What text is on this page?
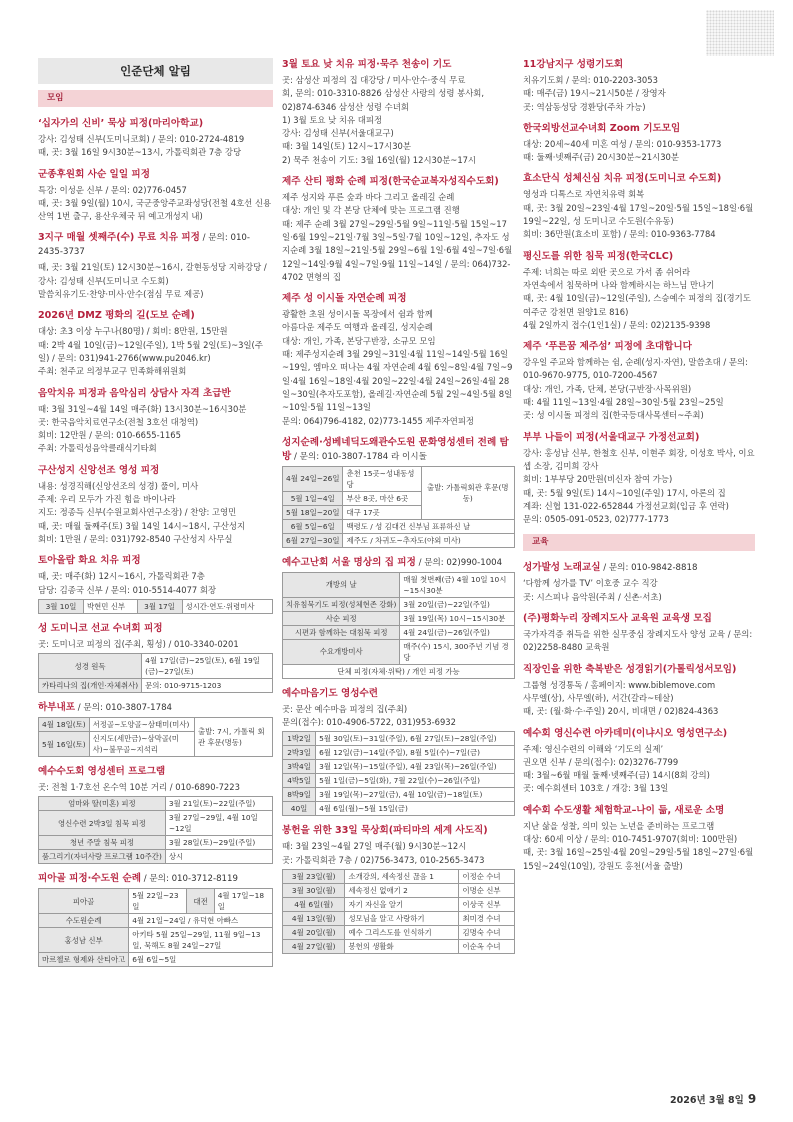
인준단체 알림
모임
‘십자가의 신비’ 묵상 피정(마리아학교)
강사: 김성태 신부(도미니코회) / 문의: 010-2724-4819
때, 곳: 3월 16일 9시30분~13시, 가톨릭회관 7층 강당
군종후원회 사순 일일 피정
특강: 이성운 신부 / 문의: 02)776-0457
때, 곳: 3월 9일(월) 10시, 국군중앙주교좌성당(전철 4호선 신용산역 1번 출구, 용산우체국 뒤 예고개성지 내)
3지구 매월 셋째주(수) 무료 치유 피정 / 문의: 010-2435-3737
때, 곳: 3월 21일(토) 12시30분~16시, 갈현동성당 지하강당 / 강사: 김성태 신부(도미니코 수도회)
말씀치유기도·찬양·미사·안수(점심 무료 제공)
2026년 DMZ 평화의 길(도보 순례)
대상: 초3 이상 누구나(80명) / 회비: 8만원, 15만원
때: 2박 4월 10일(금)~12일(주일), 1박 5월 2일(토)~3일(주일) / 문의: 031)941-2766(www.pu2046.kr)
주최: 천주교 의정부교구 민족화해위원회
음악치유 피정과 음악심리 상담사 자격 초급반
때: 3월 31일~4월 14일 매주(화) 13시30분~16시30분
곳: 한국음악치료연구소(전철 3호선 대청역)
회비: 12만원 / 문의: 010-6655-1165
주최: 가톨릭성음악클래식기타회
구산성지 신앙선조 영성 피정
내용: 성경직해(신앙선조의 성경) 풀이, 미사
주제: 우리 모두가 가진 힘을 바이나라
지도: 정종득 신부(수원교회사연구소장) / 찬양: 고영민
때, 곳: 매월 둘째주(토) 3월 14일 14시~18시, 구산성지
회비: 1만원 / 문의: 031)792-8540 구산성지 사무실
토아올람 화요 치유 피정
때, 곳: 매주(화) 12시~16시, 가톨릭회관 7층
담당: 김종국 신부 / 문의: 010-5514-4077 회장
3월 10일	박현민 신부	3월 17일	성시간·연도·위령미사
성 도미니코 선교 수녀회 피정
곳: 도미니코 피정의 집(주최, 횡성) / 010-3340-0201
성경 원독	4월 17일(금)~25일(토), 6월 19일(금)~27일(토)
카타리나의 집(개인·자체취사)	문의: 010-9715-1203
하부내포 / 문의: 010-3807-1784
4월 18일(토)	서정골~도양골~삼태미(미사)	출발: 7시, 가톨릭 회관 후문(명동)
5월 16일(토)	신지도(세만금)~삼막골(미사)~불무골~지석리	
예수수도회 영성센터 프로그램
곳: 전철 1·7호선 온수역 10분 거리 / 010-6890-7223
엄마와 딸(미혼) 피정	3월 21일(토)~22일(주일)
영신수련 2박3일 침묵 피정	3월 27일~29일, 4월 10일~12일
청년 주말 침묵 피정	3월 28일(토)~29일(주일)
품그리기(자녀사랑 프로그램 10주간)	상시
피아골 피정·수도원 순례 / 문의: 010-3712-8119
피아골	5월 22일~23일	대전	4월 17일~18일
수도원순례	4월 21일~24일 / 유덕현 아빠스		
홍성남 신부	아키타 5월 25일~29일, 11월 9일~13일, 묵해도 8월 24일~27일		
마르첼로 형제와 산티아고	6월 6일~5일		
3월 토요 낮 치유 피정·묵주 천송이 기도
곳: 삼성산 피정의 집 대강당 / 미사·안수·중식 무료
회, 문의: 010-3310-8826 삼성산 사랑의 성령 봉사회, 02)874-6346 삼성산 성령 수녀회
1) 3월 토요 낮 치유 대피정
강사: 김성태 신부(서울대교구)
때: 3월 14일(토) 12시~17시30분
2) 묵주 천송이 기도: 3월 16일(월) 12시30분~17시
제주 산티 평화 순례 피정(한국순교복자성직수도회)
제주 성지와 푸른 숲과 바다 그리고 올레길 순례
대상: 개인 및 각 본당 단체에 맞는 프로그램 진행
때: 제주 순례 3월 27일~29일·5월 9일~11일·5월 15일~17일·6월 19일~21일·7월 3일~5일·7월 10일~12일, 추자도 성지순례 3월 18일~21일·5월 29일~6월 1일·6월 4일~7일·6월 12일~14일·9월 4일~7일·9월 11일~14일 / 문의: 064)732-4702 면형의 집
제주 성 이시돌 자연순례 피정
광활한 초원 성이시돌 목장에서 쉼과 함께
아름다운 제주도 여행과 올레길, 성지순례
대상: 개인, 가족, 본당구반장, 소규모 모임
때: 제주성지순례 3월 29일~31일·4월 11일~14일·5월 16일~19일, 엠마오 떠나는 4월 자연순례 4월 6일~8일·4월 7일~9일·4월 16일~18일·4월 20일~22일·4월 24일~26일·4월 28일~30일(추자도포함), 올레길·자연순례 5월 2일~4일·5월 8일~10일·5월 11일~13일
문의: 064)796-4182, 02)773-1455 제주자연피정
성지순례·성베네딕도왜관수도원 문화영성센터 전례 탐방 / 문의: 010-3807-1784 라 이시돌
4월 24일~26일	춘천 15곳~성내동성당	출발: 가톨릭회관 후문(명동)
5월 1일~4일	부산 8곳, 마산 6곳	
5월 18일~20일	대구 17곳	
6월 5일~6일	백령도 / 성 김대건 신부님 표류하신 날	
6월 27일~30일	제주도 / 차귀도~추자도(야외 미사)	
예수고난회 서울 명상의 집 피정 / 문의: 02)990-1004
개방의 날	매월 첫번째(금) 4월 10일 10시~15시30분
치유침묵기도 피정(성체현존 강화)	3월 20일(금)~22일(주일)
사순 피정	3월 19일(목) 10시~15시30분
시편과 함께하는 대침묵 피정	4월 24일(금)~26일(주일)
수요개방미사	매주(수) 15시, 300주년 기념 경당
단체 피정(자체·위탁) / 개인 피정 가능	
예수마음기도 영성수련
곳: 문산 예수마음 피정의 집(주최)
문의(접수): 010-4906-5722, 031)953-6932
1박2일	5월 30일(토)~31일(주일), 6월 27일(토)~28일(주일)
2박3일	6월 12일(금)~14일(주일), 8월 5일(수)~7일(금)
3박4일	3월 12일(목)~15일(주일), 4월 23일(목)~26일(주일)
4박5일	5월 1일(금)~5일(화), 7월 22일(수)~26일(주일)
8박9일	3월 19일(목)~27일(금), 4월 10일(금)~18일(토)
40일	4월 6일(월)~5월 15일(금)
봉헌을 위한 33일 묵상회(파티마의 세계 사도직)
때: 3월 23일~4월 27일 매주(월) 9시30분~12시
곳: 가톨릭회관 7층 / 02)756-3473, 010-2565-3473
3월 23일(월)	소개강의, 세속정신 끊음 1	이정순 수녀
3월 30일(월)	세속정신 없애기 2	이명순 신부
4월 6일(월)	자기 자신을 알기	이상국 신부
4월 13일(월)	성모님을 알고 사랑하기	최미경 수녀
4월 20일(월)	예수 그리스도를 인식하기	김명숙 수녀
4월 27일(월)	봉헌의 생활화	이순옥 수녀
11강남지구 성령기도회
치유기도회 / 문의: 010-2203-3053
때: 매주(금) 19시~21시50분 / 장영자
곳: 역삼동성당 경환당(주차 가능)
한국외방선교수녀회 Zoom 기도모임
대상: 20세~40세 미혼 여성 / 문의: 010-9353-1773
때: 둘째·넷째주(금) 20시30분~21시30분
효소단식 성체신심 치유 피정(도미니코 수도회)
영성과 디톡스로 자연치유력 회복
때, 곳: 3월 20일~23일·4월 17일~20일·5월 15일~18일·6월 19일~22일, 성 도미니코 수도원(수유동)
회비: 36만원(효소비 포함) / 문의: 010-9363-7784
평신도를 위한 침묵 피정(한국CLC)
주제: 너희는 따로 외딴 곳으로 가서 좀 쉬어라
자연속에서 침묵하며 나와 함께하시는 하느님 만나기
때, 곳: 4월 10일(금)~12일(주일), 스승예수 피정의 집(경기도 여주군 강천면 원양1로 816)
4월 2일까지 접수(1인1실) / 문의: 02)2135-9398
제주 ‘푸른꿈 제주섬’ 피정에 초대합니다
강우일 주교와 함께하는 쉼, 순례(성지·자연), 말씀초대 / 문의: 010-9670-9775, 010-7200-4567
대상: 개인, 가족, 단체, 본당(구반장·사목위원)
때: 4월 11일~13일·4월 28일~30일·5월 23일~25일
곳: 성 이시돌 피정의 집(한국등대사목센터~주최)
부부 나들이 피정(서울대교구 가정선교회)
강사: 홍성남 신부, 한철호 신부, 이현주 회장, 이성호 박사, 이요셉 소장, 김미희 강사
회비: 1부부당 20만원(비신자 참여 가능)
때, 곳: 5월 9일(토) 14시~10일(주일) 17시, 아론의 집
계좌: 신협 131-022-652844 가정선교회(입금 후 연락)
문의: 0505-091-0523, 02)777-1773
교육
성가발성 노래교실 / 문의: 010-9842-8818
‘다함께 성가를 TV’ 이호중 교수 직강
곳: 시스피나 음악원(주최 / 신촌·서초)
(주)평화누리 장례지도사 교육원 교육생 모집
국가자격증 취득을 위한 실무중심 장례지도사 양성 교육 / 문의: 02)2258-8480 교육원
직장인을 위한 축복받은 성경읽기(가톨릭성서모임)
그룹형 성경통독 / 홈페이지: www.biblemove.com
사무엘(상), 사무엘(하), 서간(갈라~테살)
때, 곳: (월·화·수·주일) 20시, 비대면 / 02)824-4363
예수회 영신수련 아카데미(이냐시오 영성연구소)
주제: 영신수련의 이해와 ‘기도의 실제’
권오면 신부 / 문의(접수): 02)3276-7799
때: 3월~6월 매월 둘째·넷째주(금) 14시(8회 강의)
곳: 예수회센터 103호 / 개강: 3월 13일
예수회 수도생활 체험학교–나이 듦, 새로운 소명
지난 삶을 성찰, 의미 있는 노년을 준비하는 프로그램
대상: 60세 이상 / 문의: 010-7451-9707(회비: 100만원)
때, 곳: 3월 16일~25일·4월 20일~29일·5월 18일~27일·6월 15일~24일(10일), 강원도 홍천(서울 출발)
2026년 3월 8일 9
